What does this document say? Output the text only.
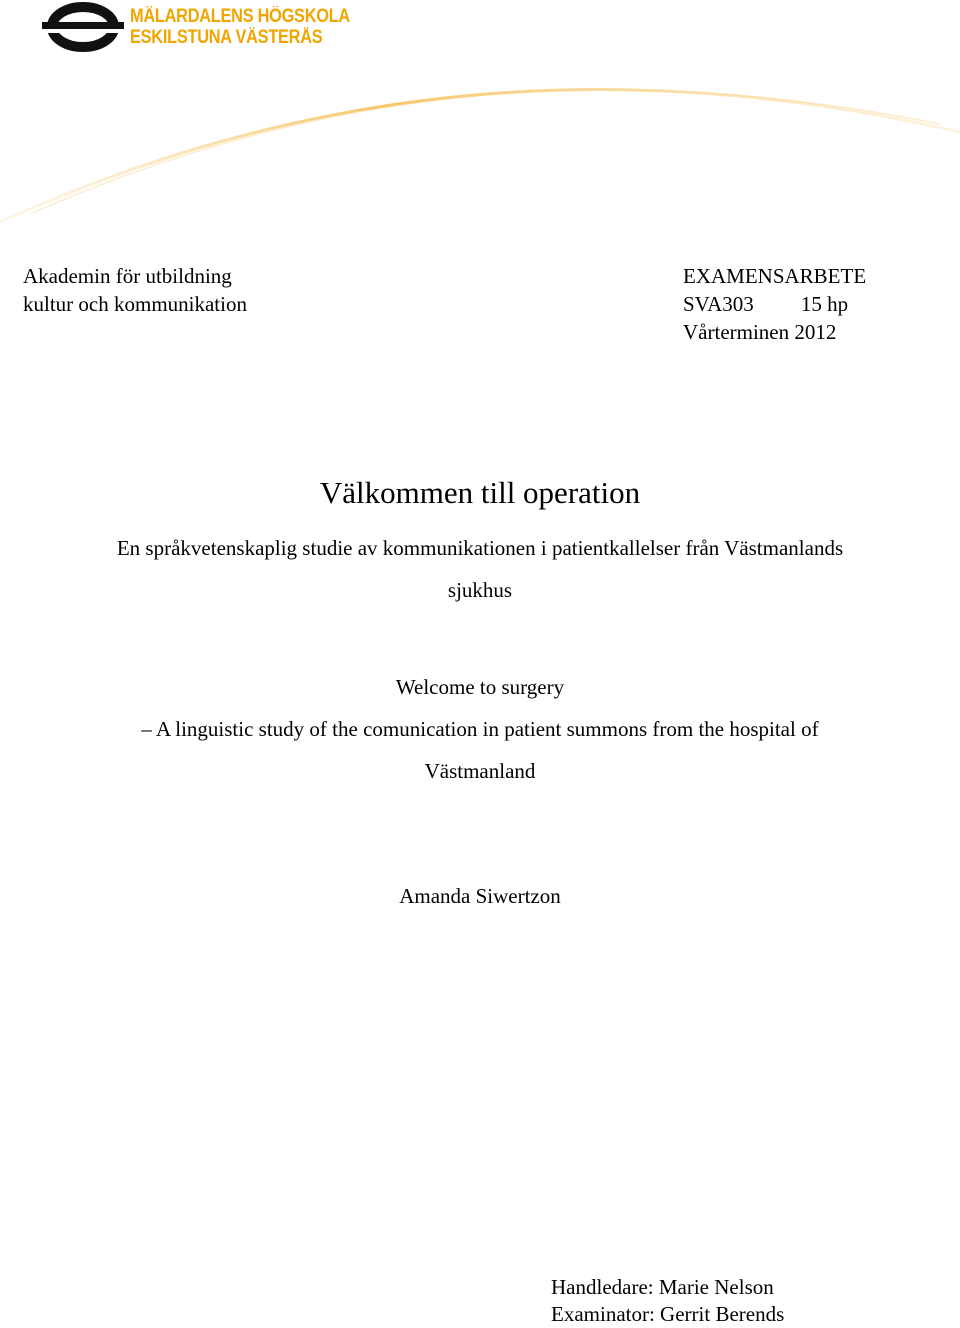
MÄLARDALENS HÖGSKOLA
ESKILSTUNA VÄSTERÅS
Akademin för utbildning
kultur och kommunikation
EXAMENSARBETE
SVA303 15 hp
Vårterminen 2012
Välkommen till operation
En språkvetenskaplig studie av kommunikationen i patientkallelser från Västmanlands
sjukhus
Welcome to surgery
– A linguistic study of the comunication in patient summons from the hospital of
Västmanland
Amanda Siwertzon
Handledare: Marie Nelson
Examinator: Gerrit Berends
